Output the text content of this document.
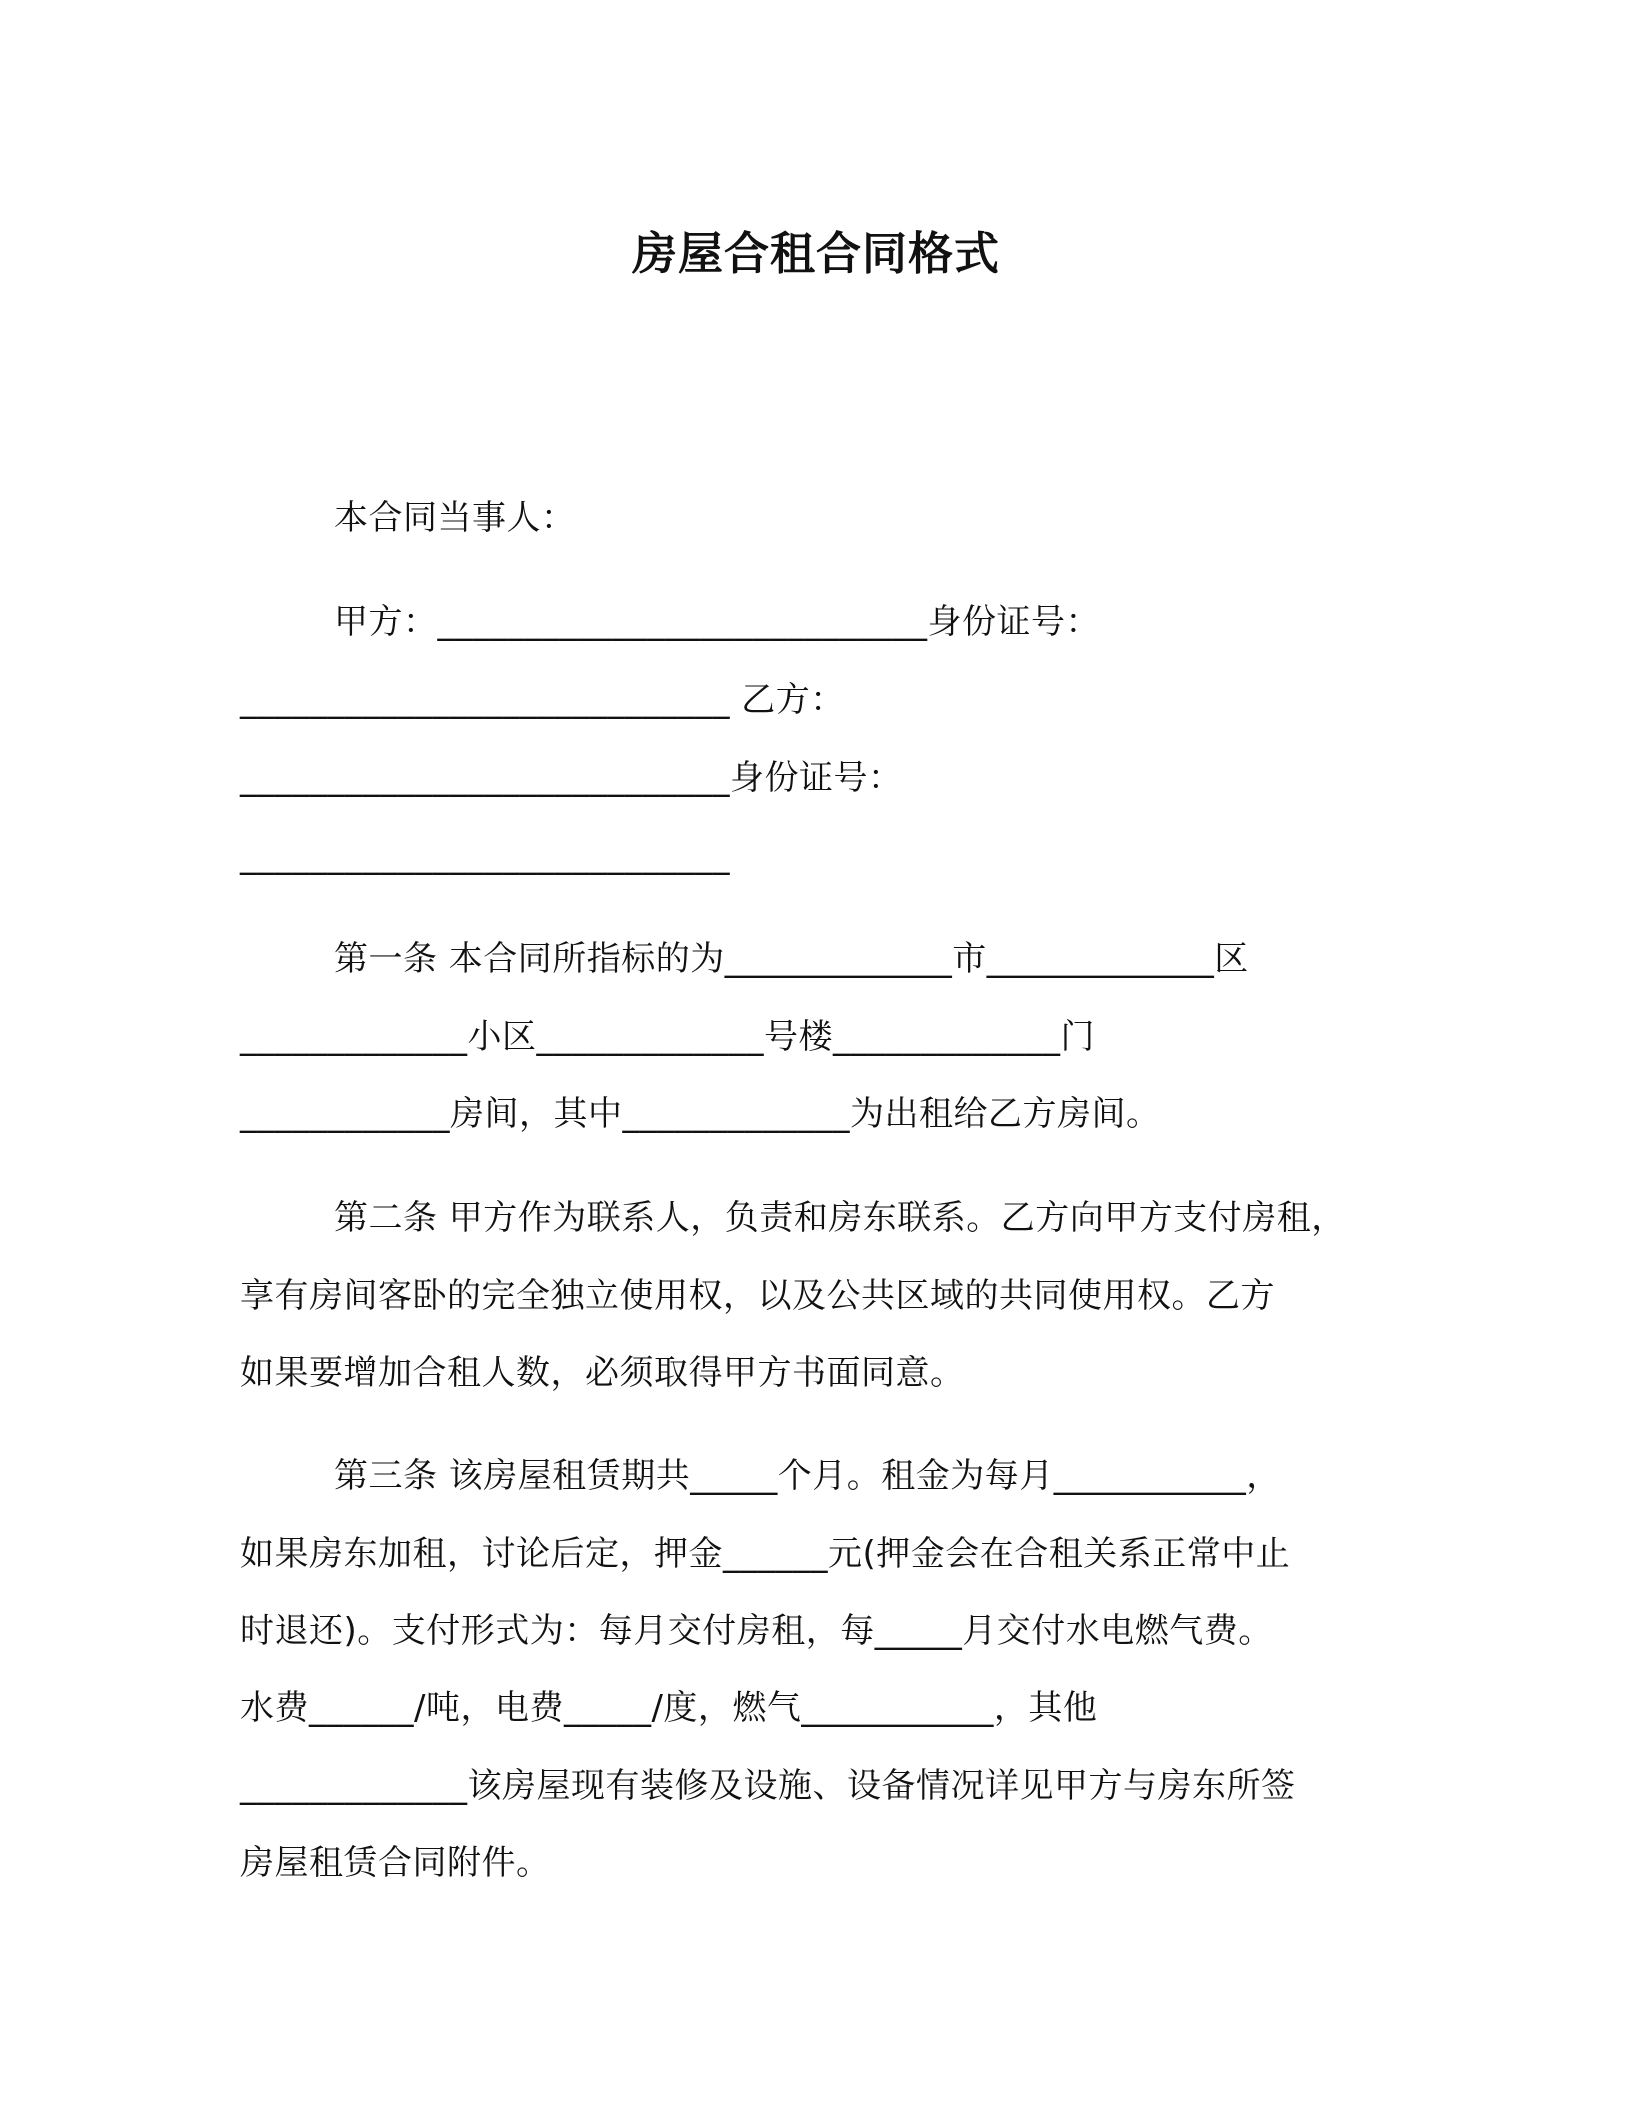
房屋合租合同格式
本合同当事人：
甲方：____________________________身份证号：
____________________________ 乙方：
____________________________身份证号：
____________________________
第一条 本合同所指标的为_____________市_____________区
_____________小区_____________号楼_____________门
____________房间，其中_____________为出租给乙方房间。
第二条 甲方作为联系人，负责和房东联系。乙方向甲方支付房租，
享有房间客卧的完全独立使用权，以及公共区域的共同使用权。乙方
如果要增加合租人数，必须取得甲方书面同意。
第三条 该房屋租赁期共_____个月。租金为每月___________，
如果房东加租，讨论后定，押金______元(押金会在合租关系正常中止
时退还)。支付形式为：每月交付房租，每_____月交付水电燃气费。
水费______/吨，电费_____/度，燃气___________，其他
_____________该房屋现有装修及设施、设备情况详见甲方与房东所签
房屋租赁合同附件。
